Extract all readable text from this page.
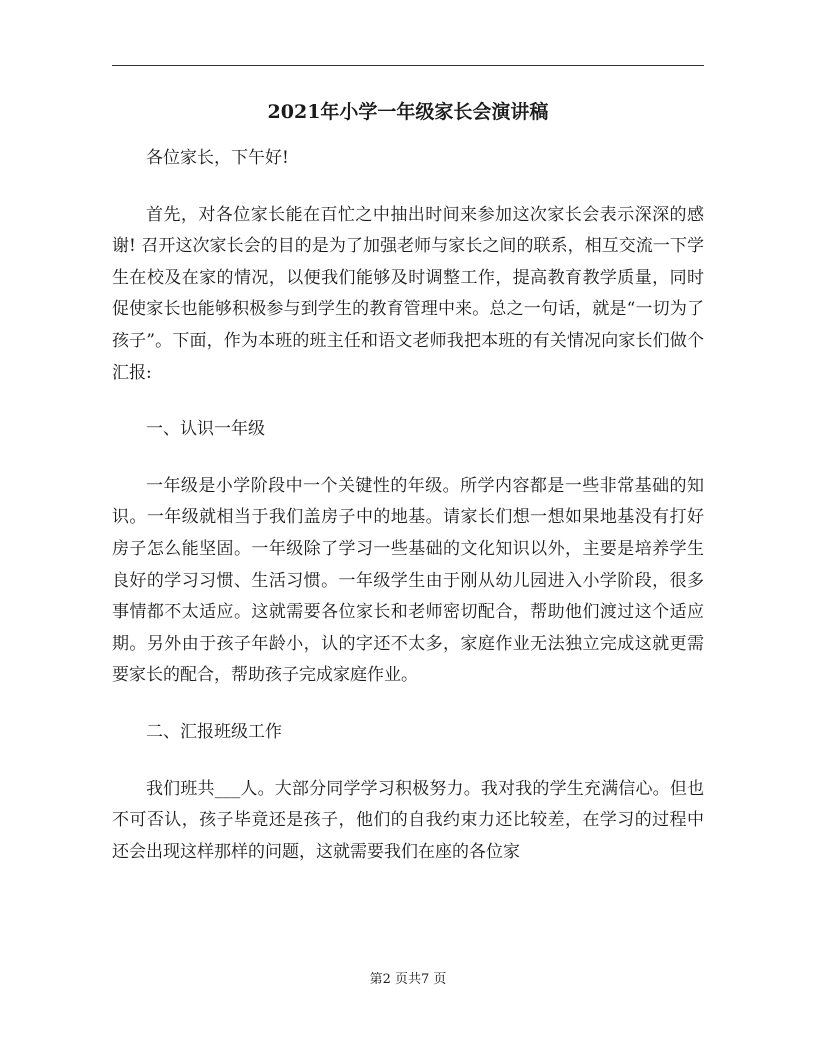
2021年小学一年级家长会演讲稿

各位家长，下午好!

首先，对各位家长能在百忙之中抽出时间来参加这次家长会表示深深的感谢! 召开这次家长会的目的是为了加强老师与家长之间的联系，相互交流一下学生在校及在家的情况，以便我们能够及时调整工作，提高教育教学质量，同时促使家长也能够积极参与到学生的教育管理中来。总之一句话，就是“一切为了孩子”。下面，作为本班的班主任和语文老师我把本班的有关情况向家长们做个汇报:

一、认识一年级

一年级是小学阶段中一个关键性的年级。所学内容都是一些非常基础的知识。一年级就相当于我们盖房子中的地基。请家长们想一想如果地基没有打好房子怎么能坚固。一年级除了学习一些基础的文化知识以外，主要是培养学生良好的学习习惯、生活习惯。一年级学生由于刚从幼儿园进入小学阶段，很多事情都不太适应。这就需要各位家长和老师密切配合，帮助他们渡过这个适应期。另外由于孩子年龄小，认的字还不太多，家庭作业无法独立完成这就更需要家长的配合，帮助孩子完成家庭作业。

二、汇报班级工作

我们班共___人。大部分同学学习积极努力。我对我的学生充满信心。但也不可否认，孩子毕竟还是孩子，他们的自我约束力还比较差，在学习的过程中还会出现这样那样的问题，这就需要我们在座的各位家

第2 页共7 页
